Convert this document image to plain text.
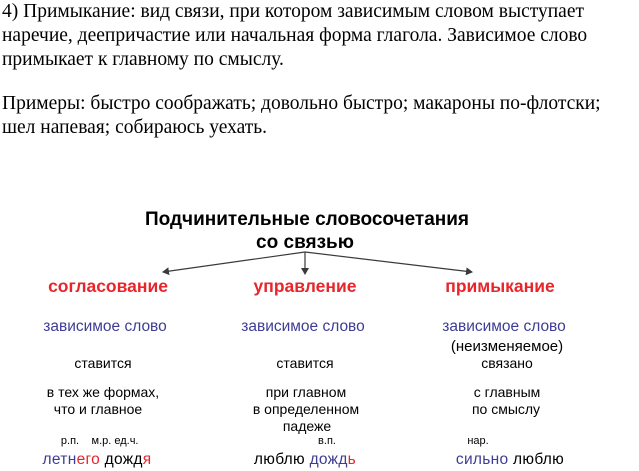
4) Примыкание: вид связи, при котором зависимым словом выступает наречие, деепричастие или начальная форма глагола. Зависимое слово примыкает к главному по смыслу.

Примеры: быстро соображать; довольно быстро; макароны по-флотски; шел напевая; собираюсь уехать.

Подчинительные словосочетания
со связью
согласование
зависимое слово
ставится
в тех же формах,
что и главное
р.п. м.р. ед.ч.
летнего дождя
управление
зависимое слово
ставится
при главном
в определенном
падеже
в.п.
люблю дождь
примыкание
зависимое слово
(неизменяемое)
связано
с главным
по смыслу
нар.
сильно люблю
